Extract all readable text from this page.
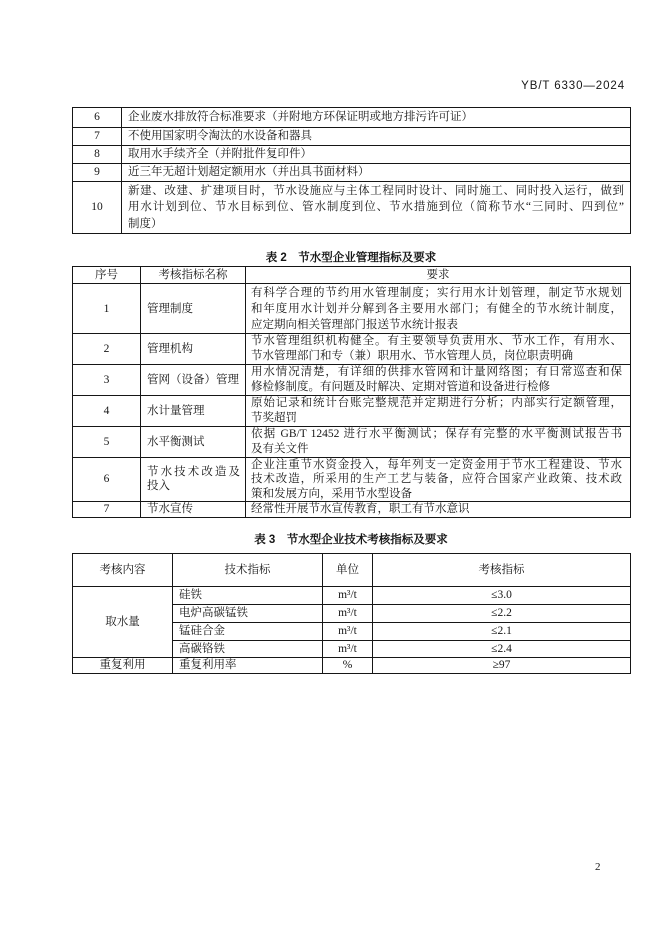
YB/T 6330—2024
6	企业废水排放符合标准要求（并附地方环保证明或地方排污许可证）

7	不使用国家明令淘汰的水设备和器具

8	取用水手续齐全（并附批件复印件）

9	近三年无超计划超定额用水（并出具书面材料）

10	新建、改建、扩建项目时，节水设施应与主体工程同时设计、同时施工、同时投入运行，做到
用水计划到位、节水目标到位、管水制度到位、节水措施到位（简称节水“三同时、四到位”
制度）
表 2　节水型企业管理指标及要求
序号	考核指标名称	要求
1	管理制度	有科学合理的节约用水管理制度；实行用水计划管理，制定节水规划
和年度用水计划并分解到各主要用水部门；有健全的节水统计制度，
应定期向相关管理部门报送节水统计报表

2	管理机构	节水管理组织机构健全。有主要领导负责用水、节水工作，有用水、
节水管理部门和专（兼）职用水、节水管理人员，岗位职责明确

3	管网（设备）管理	用水情况清楚，有详细的供排水管网和计量网络图；有日常巡查和保
修检修制度。有问题及时解决、定期对管道和设备进行检修

4	水计量管理	原始记录和统计台账完整规范并定期进行分析；内部实行定额管理，
节奖超罚

5	水平衡测试	依据 GB/T 12452 进行水平衡测试；保存有完整的水平衡测试报告书
及有关文件

6	节水技术改造及
投入	企业注重节水资金投入，每年列支一定资金用于节水工程建设、节水
技术改造，所采用的生产工艺与装备，应符合国家产业政策、技术政
策和发展方向，采用节水型设备

7	节水宣传	经常性开展节水宣传教育，职工有节水意识
表 3　节水型企业技术考核指标及要求
考核内容	技术指标	单位	考核指标
取水量	硅铁	m³/t	≤3.0
	电炉高碳锰铁	m³/t	≤2.2
	锰硅合金	m³/t	≤2.1
	高碳铬铁	m³/t	≤2.4
重复利用	重复利用率	%	≥97
2
